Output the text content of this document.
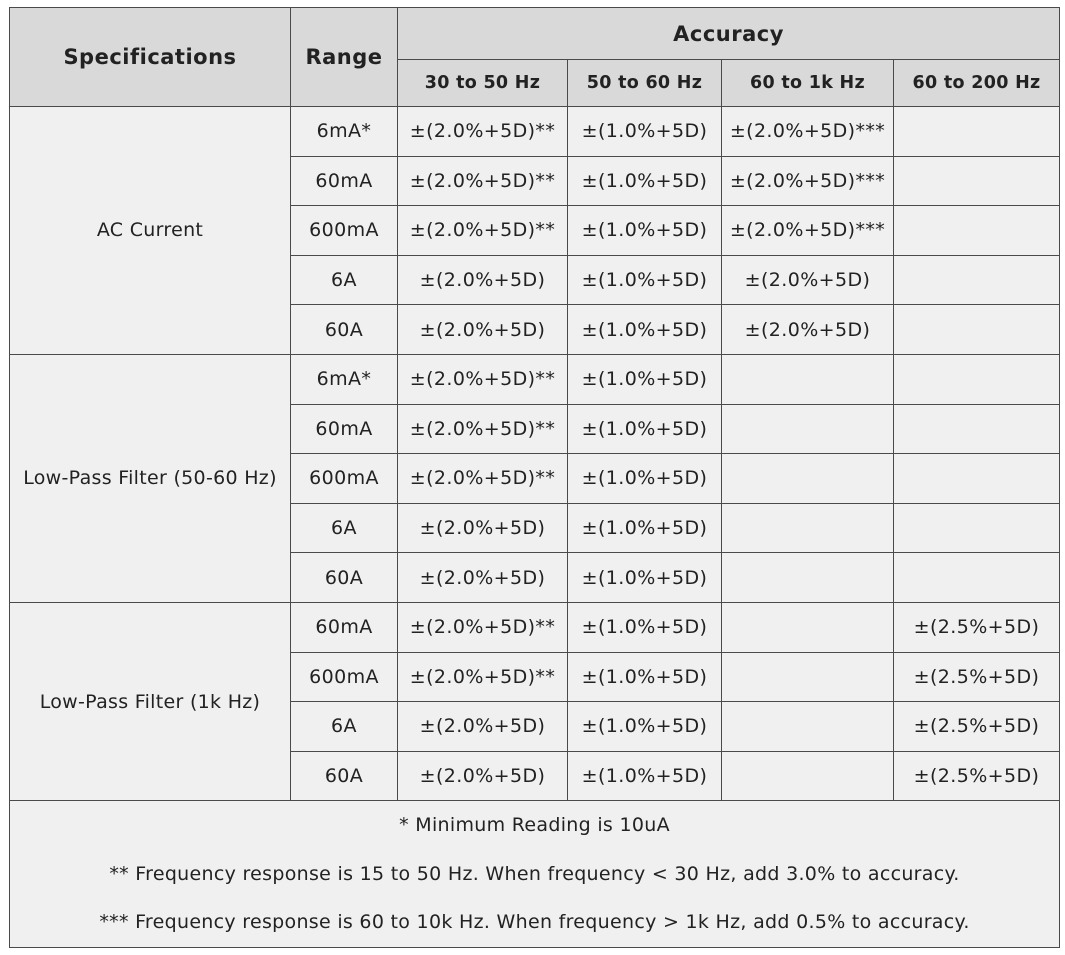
Specifications	Range	Accuracy			
		30 to 50 Hz	50 to 60 Hz	60 to 1k Hz	60 to 200 Hz
AC Current	6mA*	±(2.0%+5D)**	±(1.0%+5D)	±(2.0%+5D)***	
	60mA	±(2.0%+5D)**	±(1.0%+5D)	±(2.0%+5D)***	
	600mA	±(2.0%+5D)**	±(1.0%+5D)	±(2.0%+5D)***	
	6A	±(2.0%+5D)	±(1.0%+5D)	±(2.0%+5D)	
	60A	±(2.0%+5D)	±(1.0%+5D)	±(2.0%+5D)	
Low-Pass Filter (50-60 Hz)	6mA*	±(2.0%+5D)**	±(1.0%+5D)		
	60mA	±(2.0%+5D)**	±(1.0%+5D)		
	600mA	±(2.0%+5D)**	±(1.0%+5D)		
	6A	±(2.0%+5D)	±(1.0%+5D)		
	60A	±(2.0%+5D)	±(1.0%+5D)		
Low-Pass Filter (1k Hz)	60mA	±(2.0%+5D)**	±(1.0%+5D)		±(2.5%+5D)
	600mA	±(2.0%+5D)**	±(1.0%+5D)		±(2.5%+5D)
	6A	±(2.0%+5D)	±(1.0%+5D)		±(2.5%+5D)
	60A	±(2.0%+5D)	±(1.0%+5D)		±(2.5%+5D)

* Minimum Reading is 10uA
** Frequency response is 15 to 50 Hz. When frequency < 30 Hz, add 3.0% to accuracy.
*** Frequency response is 60 to 10k Hz. When frequency > 1k Hz, add 0.5% to accuracy.					
